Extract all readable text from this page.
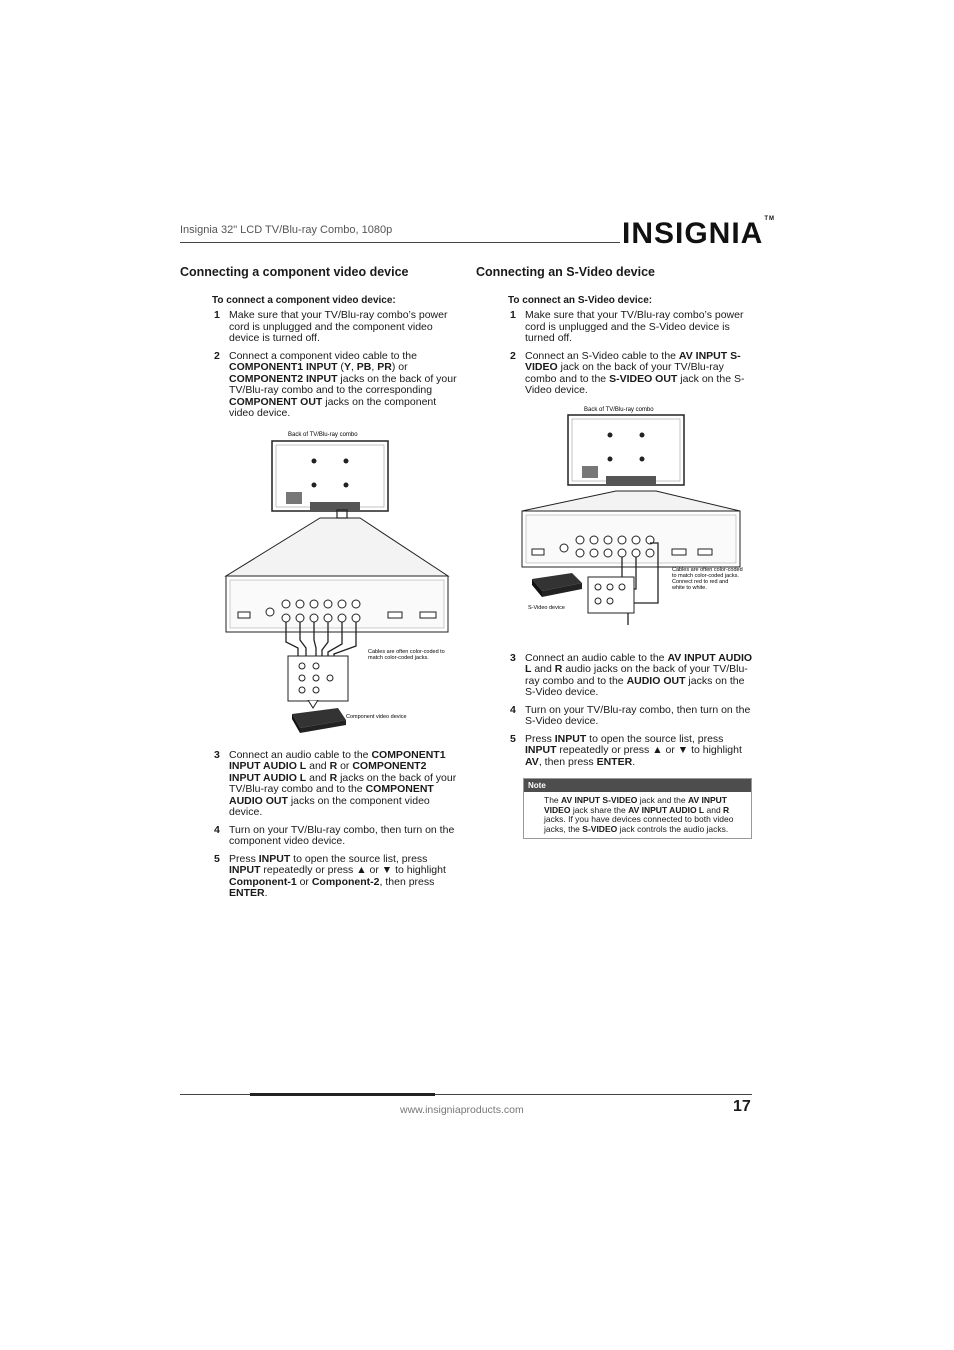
Insignia 32" LCD TV/Blu-ray Combo, 1080p	INSIGNIA™
Connecting a component video device
To connect a component video device:
1 Make sure that your TV/Blu-ray combo’s power cord is unplugged and the component video device is turned off.
2 Connect a component video cable to the COMPONENT1 INPUT (Y, PB, PR) or COMPONENT2 INPUT jacks on the back of your TV/Blu-ray combo and to the corresponding COMPONENT OUT jacks on the component video device.
Back of TV/Blu-ray combo
Cables are often color-coded to
match color-coded jacks.
Component video device
3 Connect an audio cable to the COMPONENT1 INPUT AUDIO L and R or COMPONENT2 INPUT AUDIO L and R jacks on the back of your TV/Blu-ray combo and to the COMPONENT AUDIO OUT jacks on the component video device.
4 Turn on your TV/Blu-ray combo, then turn on the component video device.
5 Press INPUT to open the source list, press INPUT repeatedly or press ▲ or ▼ to highlight Component-1 or Component-2, then press ENTER.
Connecting an S-Video device
To connect an S-Video device:
1 Make sure that your TV/Blu-ray combo’s power cord is unplugged and the S-Video device is turned off.
2 Connect an S-Video cable to the AV INPUT S-VIDEO jack on the back of your TV/Blu-ray combo and to the S-VIDEO OUT jack on the S-Video device.
Back of TV/Blu-ray combo
Cables are often color-coded
to match color-coded jacks.
Connect red to red and
white to white.
S-Video device
3 Connect an audio cable to the AV INPUT AUDIO L and R audio jacks on the back of your TV/Blu-ray combo and to the AUDIO OUT jacks on the S-Video device.
4 Turn on your TV/Blu-ray combo, then turn on the S-Video device.
5 Press INPUT to open the source list, press INPUT repeatedly or press ▲ or ▼ to highlight AV, then press ENTER.
Note
The AV INPUT S-VIDEO jack and the AV INPUT VIDEO jack share the AV INPUT AUDIO L and R jacks. If you have devices connected to both video jacks, the S-VIDEO jack controls the audio jacks.
www.insigniaproducts.com	17
